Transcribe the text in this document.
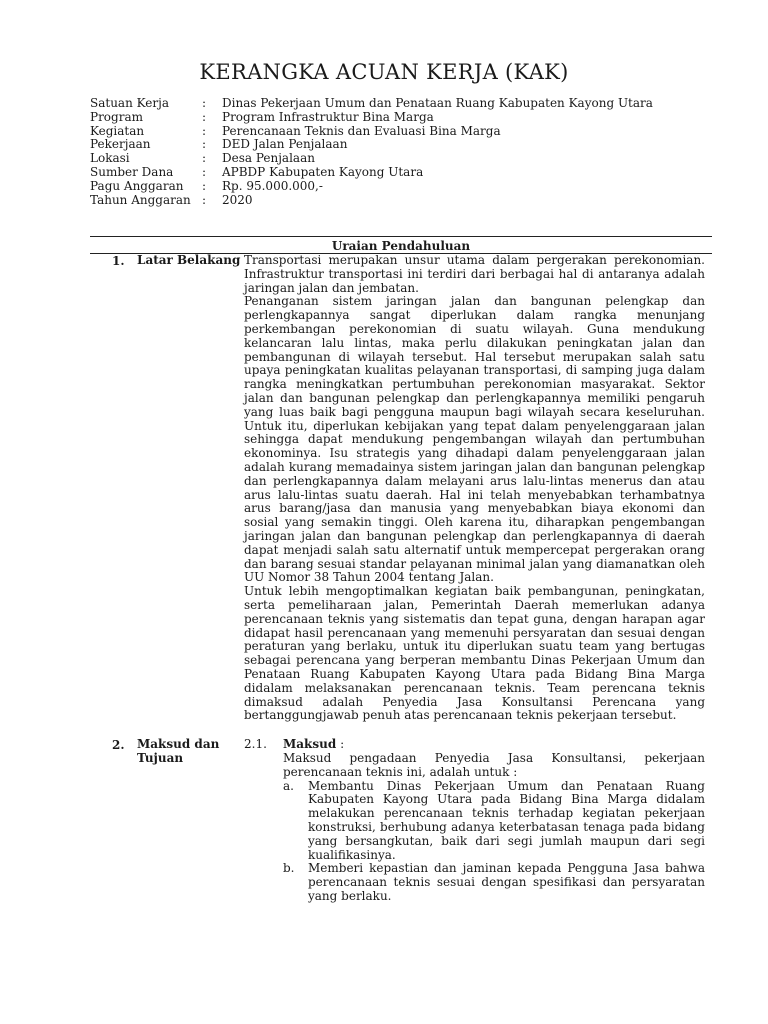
KERANGKA ACUAN KERJA (KAK)
Satuan Kerja	:	Dinas Pekerjaan Umum dan Penataan Ruang Kabupaten Kayong Utara
Program	:	Program Infrastruktur Bina Marga
Kegiatan	:	Perencanaan Teknis dan Evaluasi Bina Marga
Pekerjaan	:	DED Jalan Penjalaan
Lokasi	:	Desa Penjalaan
Sumber Dana	:	APBDP Kabupaten Kayong Utara
Pagu Anggaran	:	Rp. 95.000.000,-
Tahun Anggaran :	2020
Uraian Pendahuluan
1. Latar Belakang Transportasi merupakan unsur utama dalam pergerakan perekonomian. Infrastruktur transportasi ini terdiri dari berbagai hal di antaranya adalah jaringan jalan dan jembatan.

Penanganan sistem jaringan jalan dan bangunan pelengkap dan perlengkapannya sangat diperlukan dalam rangka menunjang perkembangan perekonomian di suatu wilayah. Guna mendukung kelancaran lalu lintas, maka perlu dilakukan peningkatan jalan dan pembangunan di wilayah tersebut. Hal tersebut merupakan salah satu upaya peningkatan kualitas pelayanan transportasi, di samping juga dalam rangka meningkatkan pertumbuhan perekonomian masyarakat. Sektor jalan dan bangunan pelengkap dan perlengkapannya memiliki pengaruh yang luas baik bagi pengguna maupun bagi wilayah secara keseluruhan. Untuk itu, diperlukan kebijakan yang tepat dalam penyelenggaraan jalan sehingga dapat mendukung pengembangan wilayah dan pertumbuhan ekonominya. Isu strategis yang dihadapi dalam penyelenggaraan jalan adalah kurang memadainya sistem jaringan jalan dan bangunan pelengkap dan perlengkapannya dalam melayani arus lalu-lintas menerus dan atau arus lalu-lintas suatu daerah. Hal ini telah menyebabkan terhambatnya arus barang/jasa dan manusia yang menyebabkan biaya ekonomi dan sosial yang semakin tinggi. Oleh karena itu, diharapkan pengembangan jaringan jalan dan bangunan pelengkap dan perlengkapannya di daerah dapat menjadi salah satu alternatif untuk mempercepat pergerakan orang dan barang sesuai standar pelayanan minimal jalan yang diamanatkan oleh UU Nomor 38 Tahun 2004 tentang Jalan.

Untuk lebih mengoptimalkan kegiatan baik pembangunan, peningkatan, serta pemeliharaan jalan, Pemerintah Daerah memerlukan adanya perencanaan teknis yang sistematis dan tepat guna, dengan harapan agar didapat hasil perencanaan yang memenuhi persyaratan dan sesuai dengan peraturan yang berlaku, untuk itu diperlukan suatu team yang bertugas sebagai perencana yang berperan membantu Dinas Pekerjaan Umum dan Penataan Ruang Kabupaten Kayong Utara pada Bidang Bina Marga didalam melaksanakan perencanaan teknis. Team perencana teknis dimaksud adalah Penyedia Jasa Konsultansi Perencana yang bertanggungjawab penuh atas perencanaan teknis pekerjaan tersebut.

2. Maksud dan
Tujuan
2.1. Maksud :
Maksud pengadaan Penyedia Jasa Konsultansi, pekerjaan perencanaan teknis ini, adalah untuk :
a.	Membantu Dinas Pekerjaan Umum dan Penataan Ruang Kabupaten Kayong Utara pada Bidang Bina Marga didalam melakukan perencanaan teknis terhadap kegiatan pekerjaan konstruksi, berhubung adanya keterbatasan tenaga pada bidang yang bersangkutan, baik dari segi jumlah maupun dari segi kualifikasinya.
b.	Memberi kepastian dan jaminan kepada Pengguna Jasa bahwa perencanaan teknis sesuai dengan spesifikasi dan persyaratan yang berlaku.
